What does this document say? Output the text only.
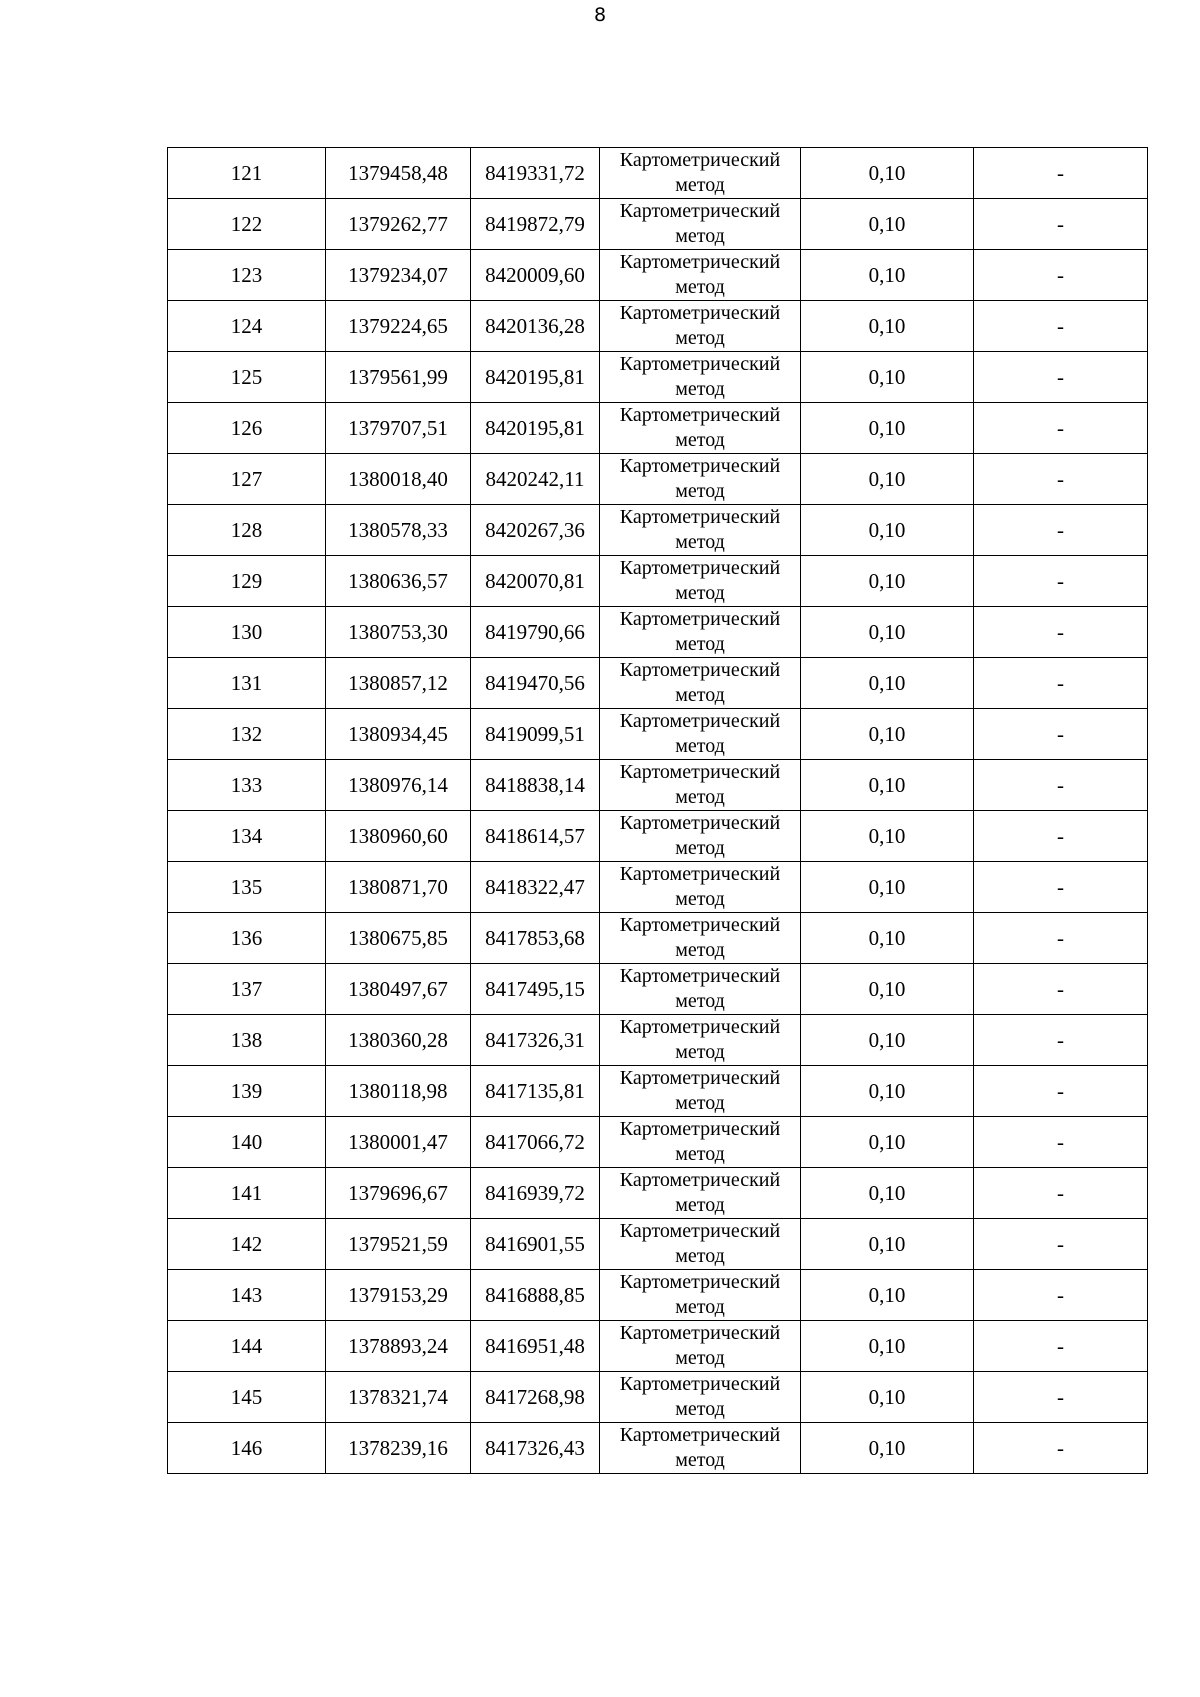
8
121	1379458,48	8419331,72	Картометрический метод	0,10	-
122	1379262,77	8419872,79	Картометрический метод	0,10	-
123	1379234,07	8420009,60	Картометрический метод	0,10	-
124	1379224,65	8420136,28	Картометрический метод	0,10	-
125	1379561,99	8420195,81	Картометрический метод	0,10	-
126	1379707,51	8420195,81	Картометрический метод	0,10	-
127	1380018,40	8420242,11	Картометрический метод	0,10	-
128	1380578,33	8420267,36	Картометрический метод	0,10	-
129	1380636,57	8420070,81	Картометрический метод	0,10	-
130	1380753,30	8419790,66	Картометрический метод	0,10	-
131	1380857,12	8419470,56	Картометрический метод	0,10	-
132	1380934,45	8419099,51	Картометрический метод	0,10	-
133	1380976,14	8418838,14	Картометрический метод	0,10	-
134	1380960,60	8418614,57	Картометрический метод	0,10	-
135	1380871,70	8418322,47	Картометрический метод	0,10	-
136	1380675,85	8417853,68	Картометрический метод	0,10	-
137	1380497,67	8417495,15	Картометрический метод	0,10	-
138	1380360,28	8417326,31	Картометрический метод	0,10	-
139	1380118,98	8417135,81	Картометрический метод	0,10	-
140	1380001,47	8417066,72	Картометрический метод	0,10	-
141	1379696,67	8416939,72	Картометрический метод	0,10	-
142	1379521,59	8416901,55	Картометрический метод	0,10	-
143	1379153,29	8416888,85	Картометрический метод	0,10	-
144	1378893,24	8416951,48	Картометрический метод	0,10	-
145	1378321,74	8417268,98	Картометрический метод	0,10	-
146	1378239,16	8417326,43	Картометрический метод	0,10	-
